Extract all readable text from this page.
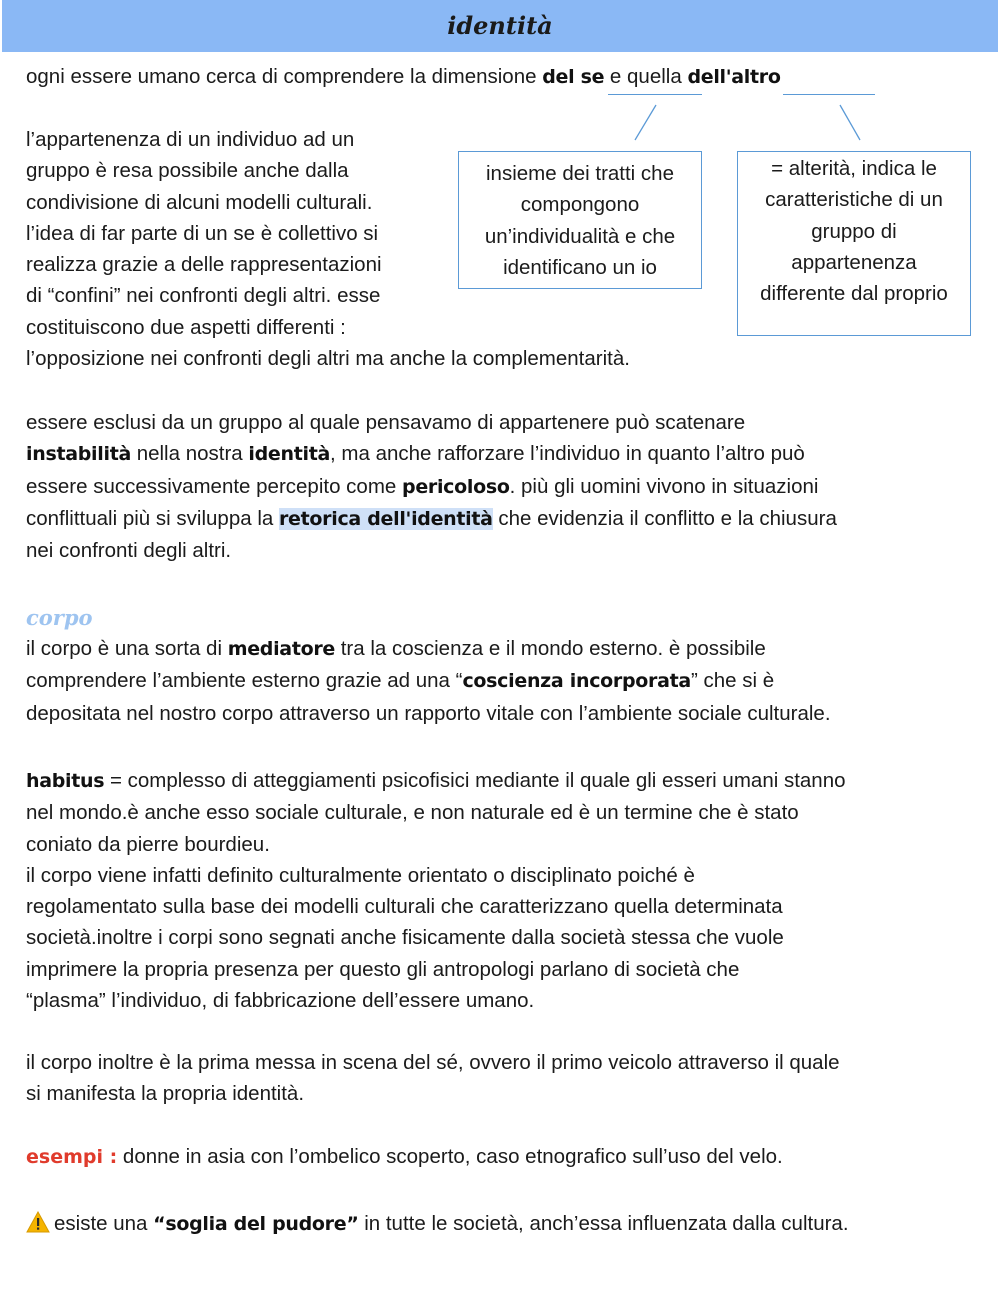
identità
ogni essere umano cerca di comprendere la dimensione del se e quella dell'altro
l’appartenenza di un individuo ad un
gruppo è resa possibile anche dalla
condivisione di alcuni modelli culturali.
l’idea di far parte di un se è collettivo si
realizza grazie a delle rappresentazioni
di “confini” nei confronti degli altri. esse
costituiscono due aspetti differenti :
l’opposizione nei confronti degli altri ma anche la complementarità.
insieme dei tratti che
compongono
un’individualità e che
identificano un io
= alterità, indica le
caratteristiche di un
gruppo di
appartenenza
differente dal proprio
essere esclusi da un gruppo al quale pensavamo di appartenere può scatenare
instabilità nella nostra identità, ma anche rafforzare l’individuo in quanto l’altro può
essere successivamente percepito come pericoloso. più gli uomini vivono in situazioni
conflittuali più si sviluppa la retorica dell'identità che evidenzia il conflitto e la chiusura
nei confronti degli altri.
corpo
il corpo è una sorta di mediatore tra la coscienza e il mondo esterno. è possibile
comprendere l’ambiente esterno grazie ad una “coscienza incorporata” che si è
depositata nel nostro corpo attraverso un rapporto vitale con l’ambiente sociale culturale.
habitus = complesso di atteggiamenti psicofisici mediante il quale gli esseri umani stanno
nel mondo.è anche esso sociale culturale, e non naturale ed è un termine che è stato
coniato da pierre bourdieu.
il corpo viene infatti definito culturalmente orientato o disciplinato poiché è
regolamentato sulla base dei modelli culturali che caratterizzano quella determinata
società.inoltre i corpi sono segnati anche fisicamente dalla società stessa che vuole
imprimere la propria presenza per questo gli antropologi parlano di società che
“plasma” l’individuo, di fabbricazione dell’essere umano.
il corpo inoltre è la prima messa in scena del sé, ovvero il primo veicolo attraverso il quale
si manifesta la propria identità.
esempi : donne in asia con l’ombelico scoperto, caso etnografico sull’uso del velo.
esiste una “soglia del pudore” in tutte le società, anch’essa influenzata dalla cultura.
